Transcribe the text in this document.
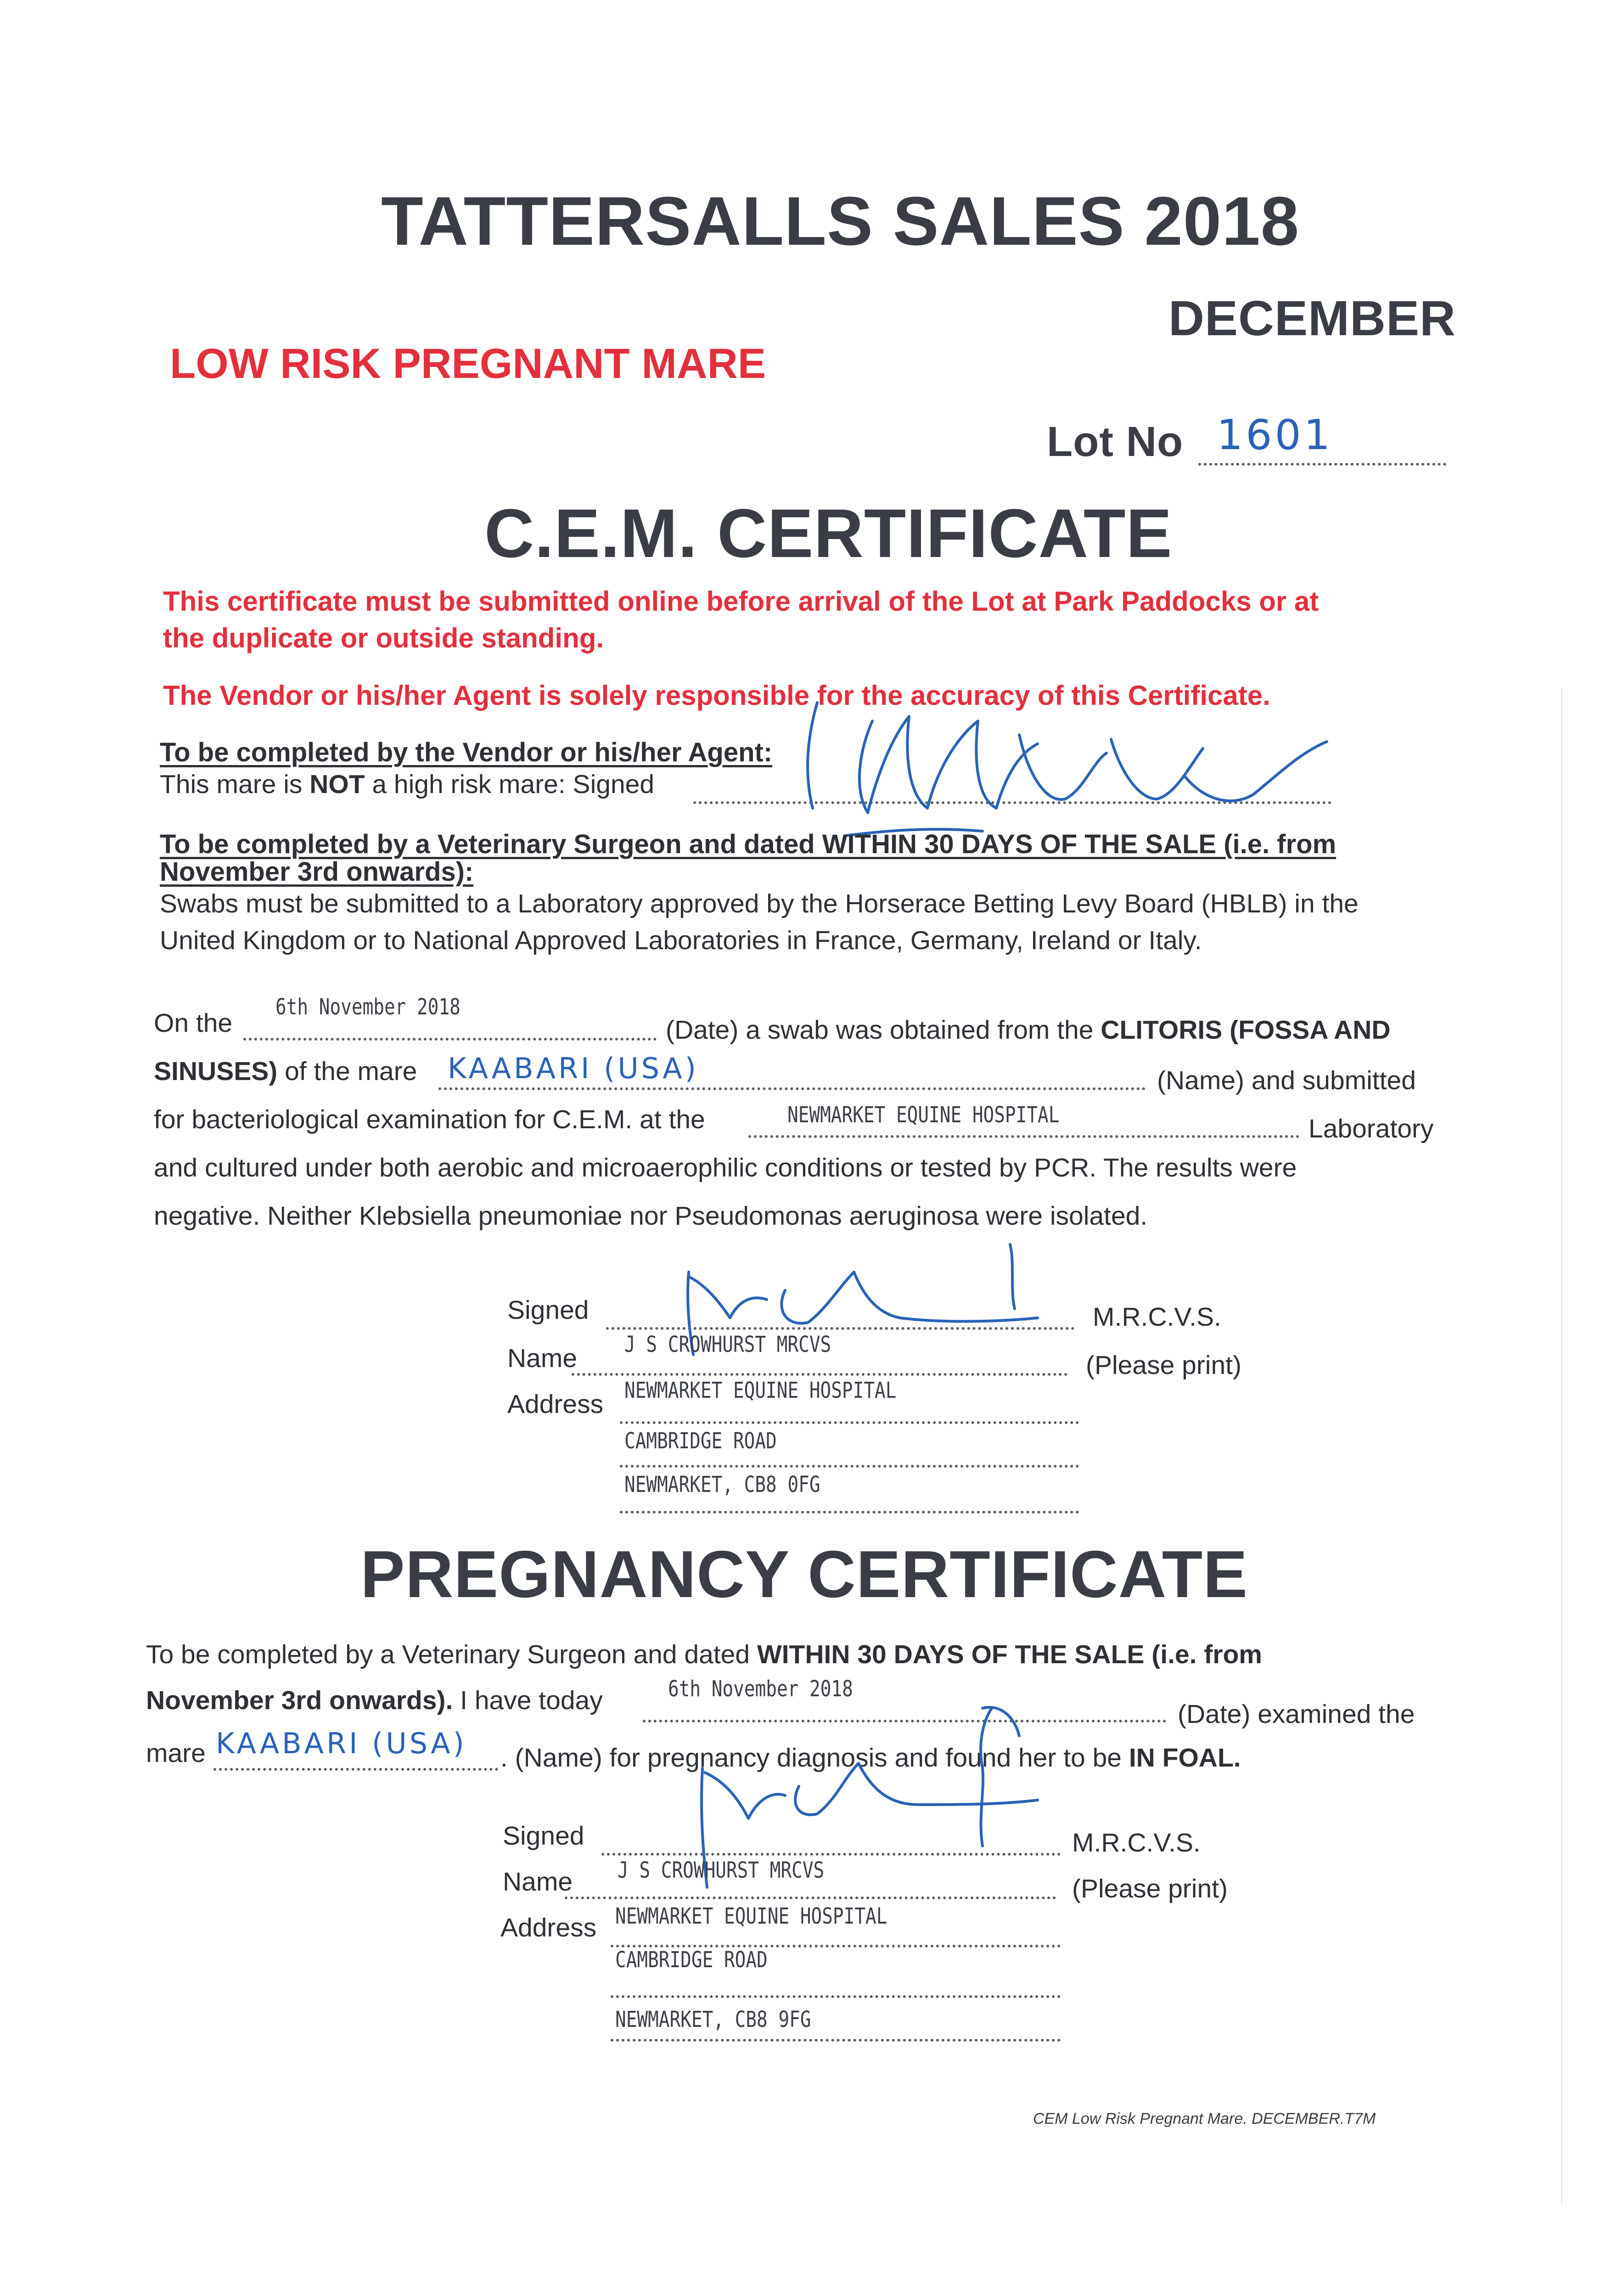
TATTERSALLS SALES 2018
DECEMBER
LOW RISK PREGNANT MARE
Lot No 1601
C.E.M. CERTIFICATE
This certificate must be submitted online before arrival of the Lot at Park Paddocks or at
the duplicate or outside standing.
The Vendor or his/her Agent is solely responsible for the accuracy of this Certificate.
To be completed by the Vendor or his/her Agent:
This mare is NOT a high risk mare: Signed
To be completed by a Veterinary Surgeon and dated WITHIN 30 DAYS OF THE SALE (i.e. from
November 3rd onwards):
Swabs must be submitted to a Laboratory approved by the Horserace Betting Levy Board (HBLB) in the
United Kingdom or to National Approved Laboratories in France, Germany, Ireland or Italy.
On the
6th November 2018
(Date) a swab was obtained from the CLITORIS (FOSSA AND
SINUSES) of the mare KAABARI (USA)	(Name) and submitted
for bacteriological examination for C.E.M. at the	NEWMARKET EQUINE HOSPITAL	Laboratory
and cultured under both aerobic and microaerophilic conditions or tested by PCR. The results were
negative. Neither Klebsiella pneumoniae nor Pseudomonas aeruginosa were isolated.
Signed	M.R.C.V.S.
Name J S CROWHURST MRCVS
(Please print)
Address NEWMARKET EQUINE HOSPITAL
CAMBRIDGE ROAD
NEWMARKET, CB8 0FG
PREGNANCY CERTIFICATE
To be completed by a Veterinary Surgeon and dated WITHIN 30 DAYS OF THE SALE (i.e. from
November 3rd onwards). I have today	6th November 2018
(Date) examined the
mare KAABARI (USA) . (Name) for pregnancy diagnosis and found her to be IN FOAL.
Signed	M.R.C.V.S.
Name J S CROWHURST MRCVS
(Please print)
Address NEWMARKET EQUINE HOSPITAL
CAMBRIDGE ROAD
NEWMARKET, CB8 9FG
CEM Low Risk Pregnant Mare. DECEMBER.T7M
